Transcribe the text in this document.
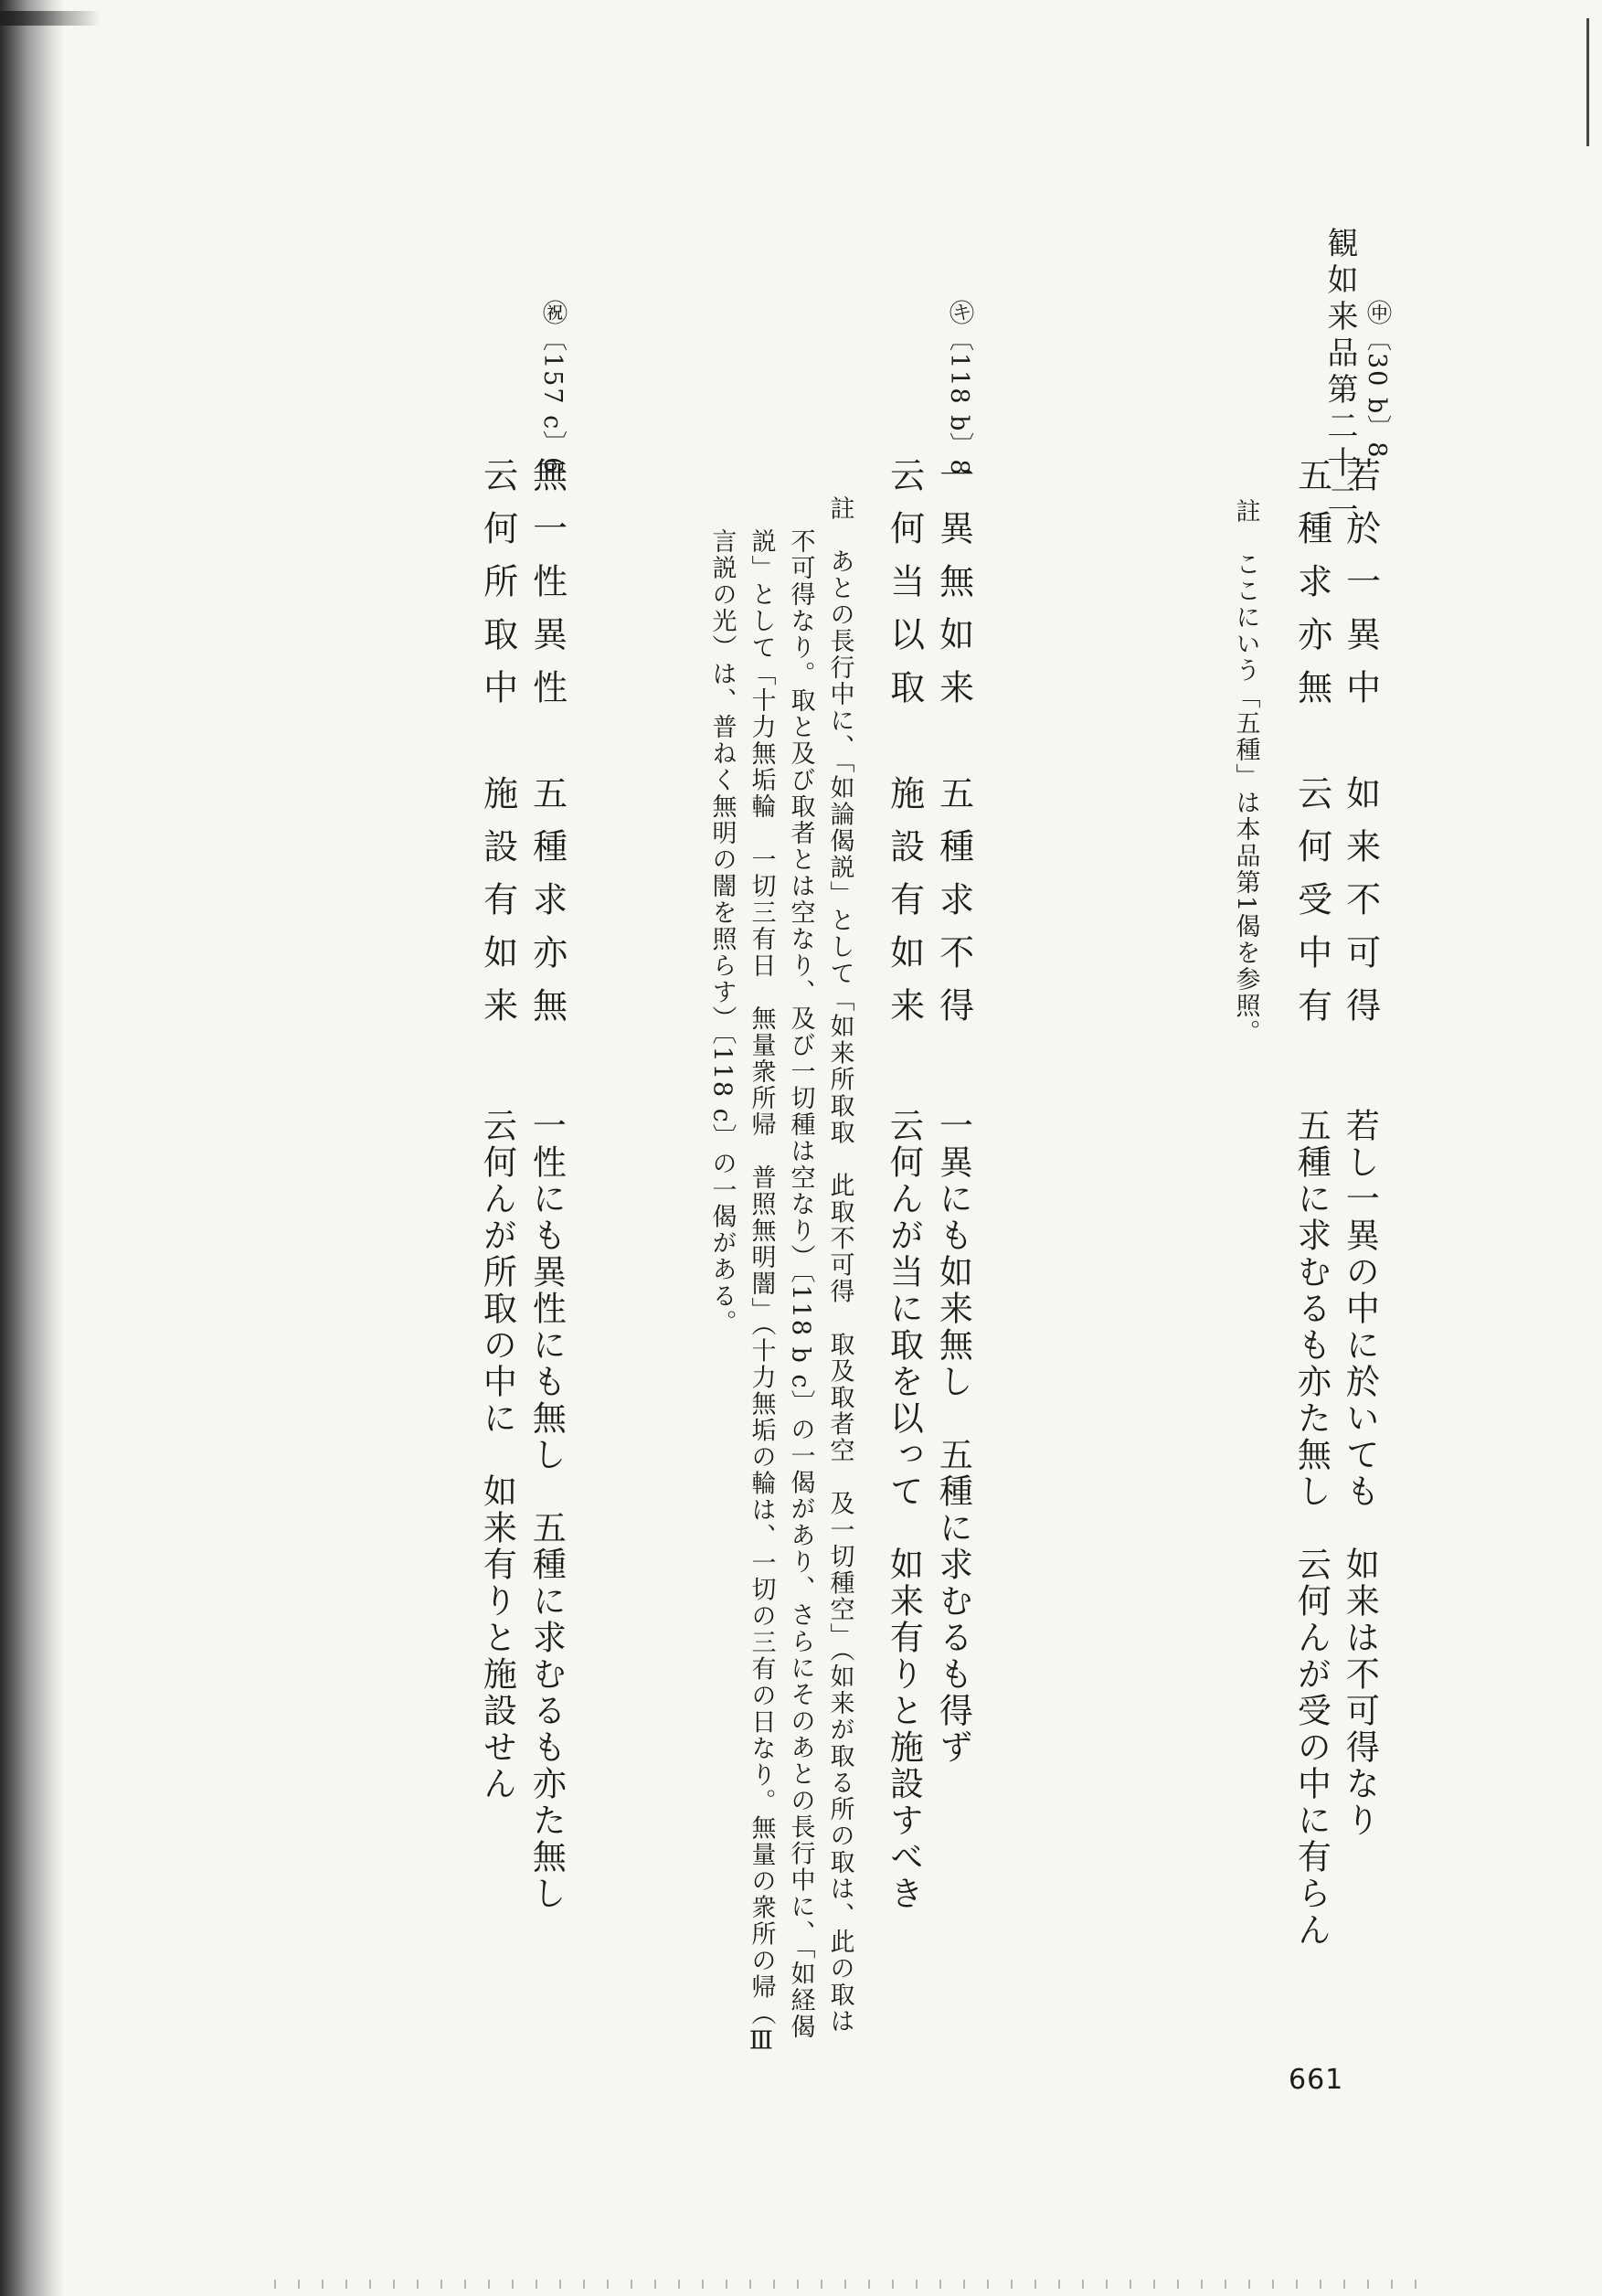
観如来品第二十二 ㊥〔30 b〕8
若於一異中　如来不可得
五種求亦無　云何受中有
註　ここにいう「五種」は本品第1偈を参照。
若し一異の中に於いても　如来は不可得なり
五種に求むるも亦た無し　云何んが受の中に有らん
㋖〔118 b〕8
一異無如来　五種求不得
云何当以取　施設有如来
一異にも如来無し　五種に求むるも得ず
云何んが当に取を以って　如来有りと施設すべき
註　あとの長行中に、「如論偈説」として「如来所取取　此取不可得　取及取者空　及一切種空」（如来が取る所の取は、此の取は
不可得なり。取と及び取者とは空なり、及び一切種は空なり）〔118 b c〕の一偈があり、さらにそのあとの長行中に、「如経偈
説」として「十力無垢輪　一切三有日　無量衆所帰　普照無明闇」（十力無垢の輪は、一切の三有の日なり。無量の衆所の帰（Ⅲ
言説の光）は、普ねく無明の闇を照らす）〔118 c〕の一偈がある。
㊗〔157 c〕6
無一性異性　五種求亦無
云何所取中　施設有如来
一性にも異性にも無し　五種に求むるも亦た無し
云何んが所取の中に　如来有りと施設せん
661
